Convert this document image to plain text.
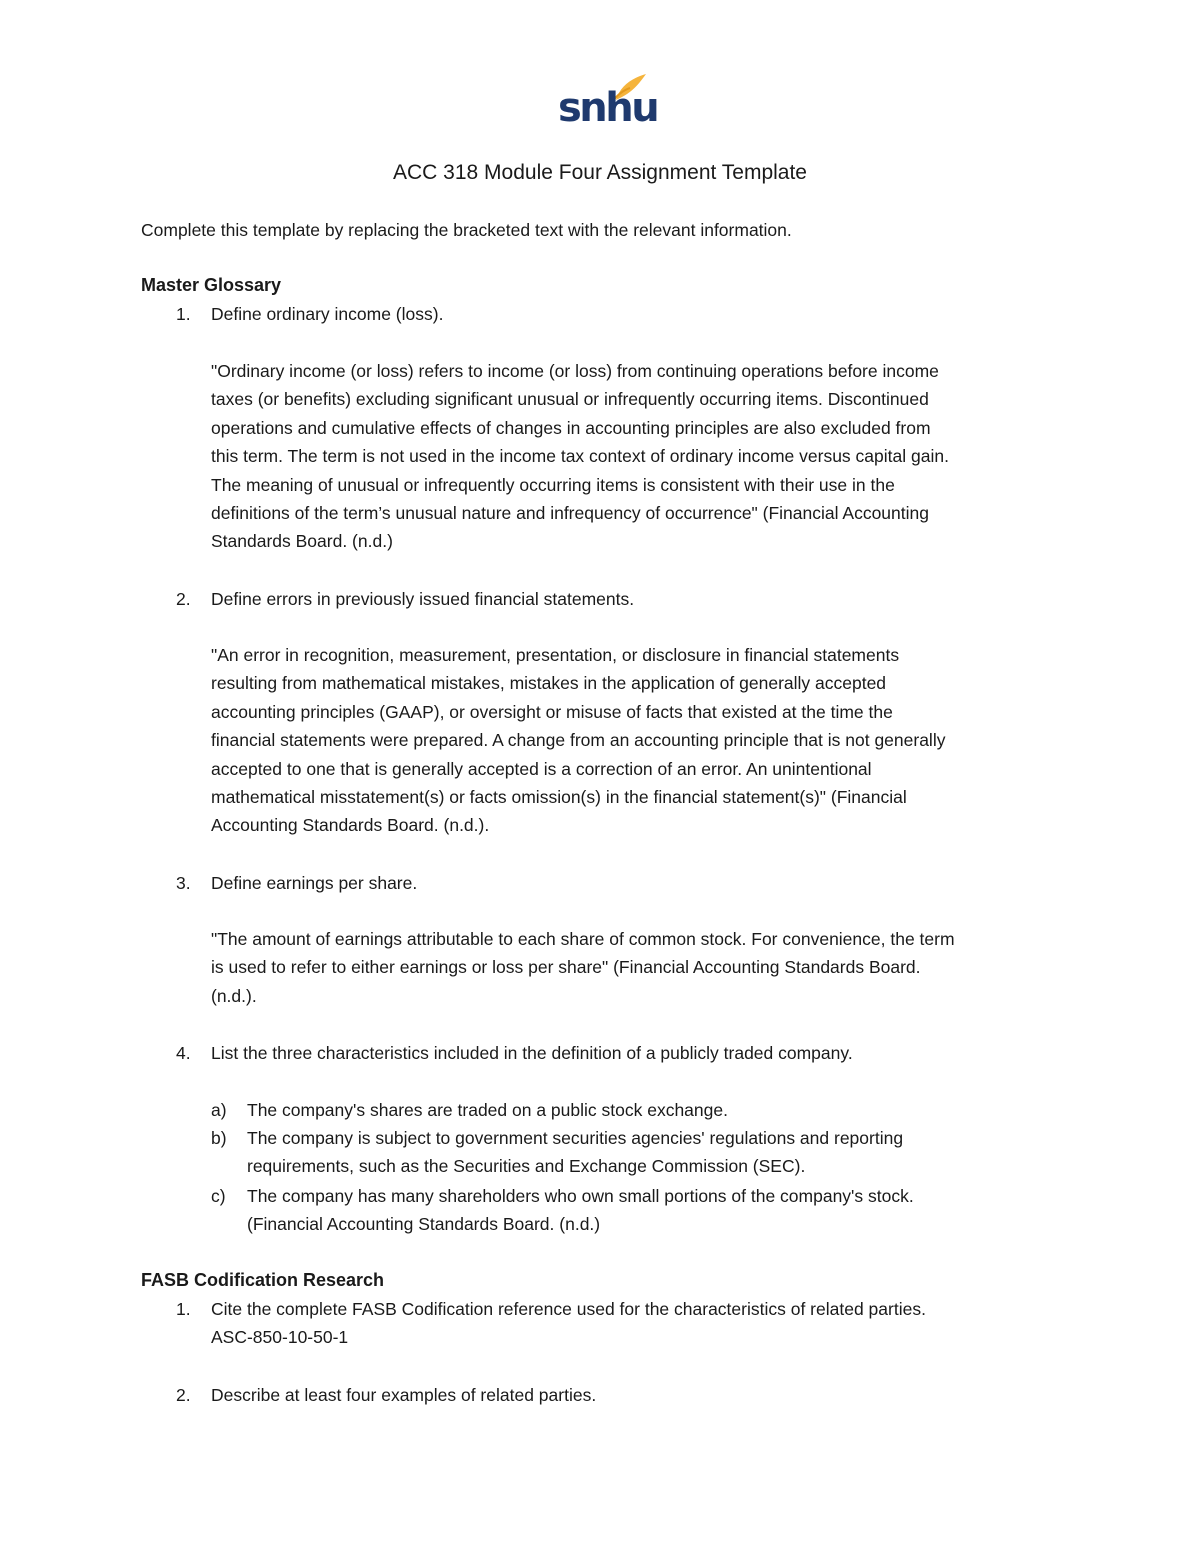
snhu
ACC 318 Module Four Assignment Template
Complete this template by replacing the bracketed text with the relevant information.
Master Glossary
1.	Define ordinary income (loss).
"Ordinary income (or loss) refers to income (or loss) from continuing operations before income
taxes (or benefits) excluding significant unusual or infrequently occurring items. Discontinued
operations and cumulative effects of changes in accounting principles are also excluded from
this term. The term is not used in the income tax context of ordinary income versus capital gain.
The meaning of unusual or infrequently occurring items is consistent with their use in the
definitions of the term’s unusual nature and infrequency of occurrence" (Financial Accounting
Standards Board. (n.d.)
2.	Define errors in previously issued financial statements.
"An error in recognition, measurement, presentation, or disclosure in financial statements
resulting from mathematical mistakes, mistakes in the application of generally accepted
accounting principles (GAAP), or oversight or misuse of facts that existed at the time the
financial statements were prepared. A change from an accounting principle that is not generally
accepted to one that is generally accepted is a correction of an error. An unintentional
mathematical misstatement(s) or facts omission(s) in the financial statement(s)" (Financial
Accounting Standards Board. (n.d.).
3.	Define earnings per share.
"The amount of earnings attributable to each share of common stock. For convenience, the term
is used to refer to either earnings or loss per share" (Financial Accounting Standards Board.
(n.d.).
4.	List the three characteristics included in the definition of a publicly traded company.
a)	The company's shares are traded on a public stock exchange.
b)	The company is subject to government securities agencies' regulations and reporting
requirements, such as the Securities and Exchange Commission (SEC).
c)	The company has many shareholders who own small portions of the company's stock.
(Financial Accounting Standards Board. (n.d.)
FASB Codification Research
1.	Cite the complete FASB Codification reference used for the characteristics of related parties.
ASC-850-10-50-1
2.	Describe at least four examples of related parties.
